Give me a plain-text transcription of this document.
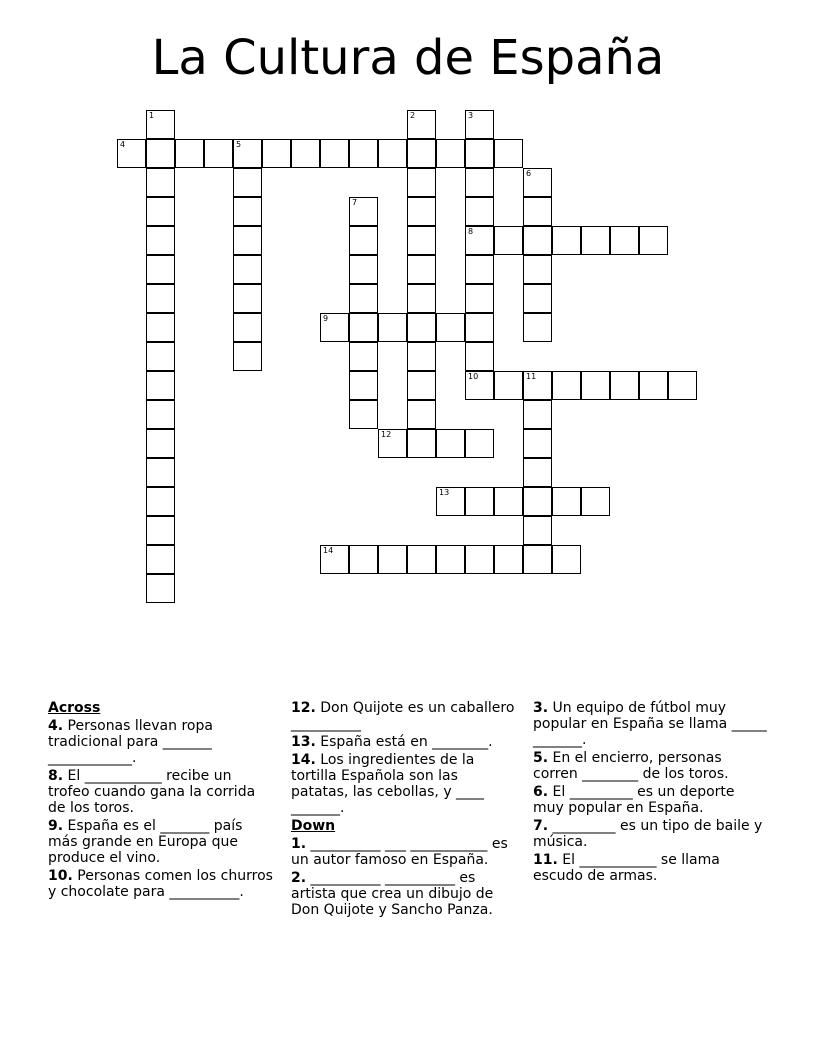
La Cultura de España
1
4	5
2	3
8
10
6
7
9
11
12
13
14
Across
4. Personas llevan ropa tradicional para _______ ____________.
8. El ___________ recibe un trofeo cuando gana la corrida de los toros.
9. España es el _______ país más grande en Europa que produce el vino.
10. Personas comen los churros y chocolate para __________.
12. Don Quijote es un caballero __________
13. España está en ________.
14. Los ingredientes de la tortilla Española son las patatas, las cebollas, y ____ _______.
Down
1. __________ ___ ___________ es un autor famoso en España.
2. __________ __________ es artista que crea un dibujo de Don Quijote y Sancho Panza.
3. Un equipo de fútbol muy popular en España se llama _____ _______.
5. En el encierro, personas corren ________ de los toros.
6. El _________ es un deporte muy popular en España.
7. _________ es un tipo de baile y música.
11. El ___________ se llama escudo de armas.
